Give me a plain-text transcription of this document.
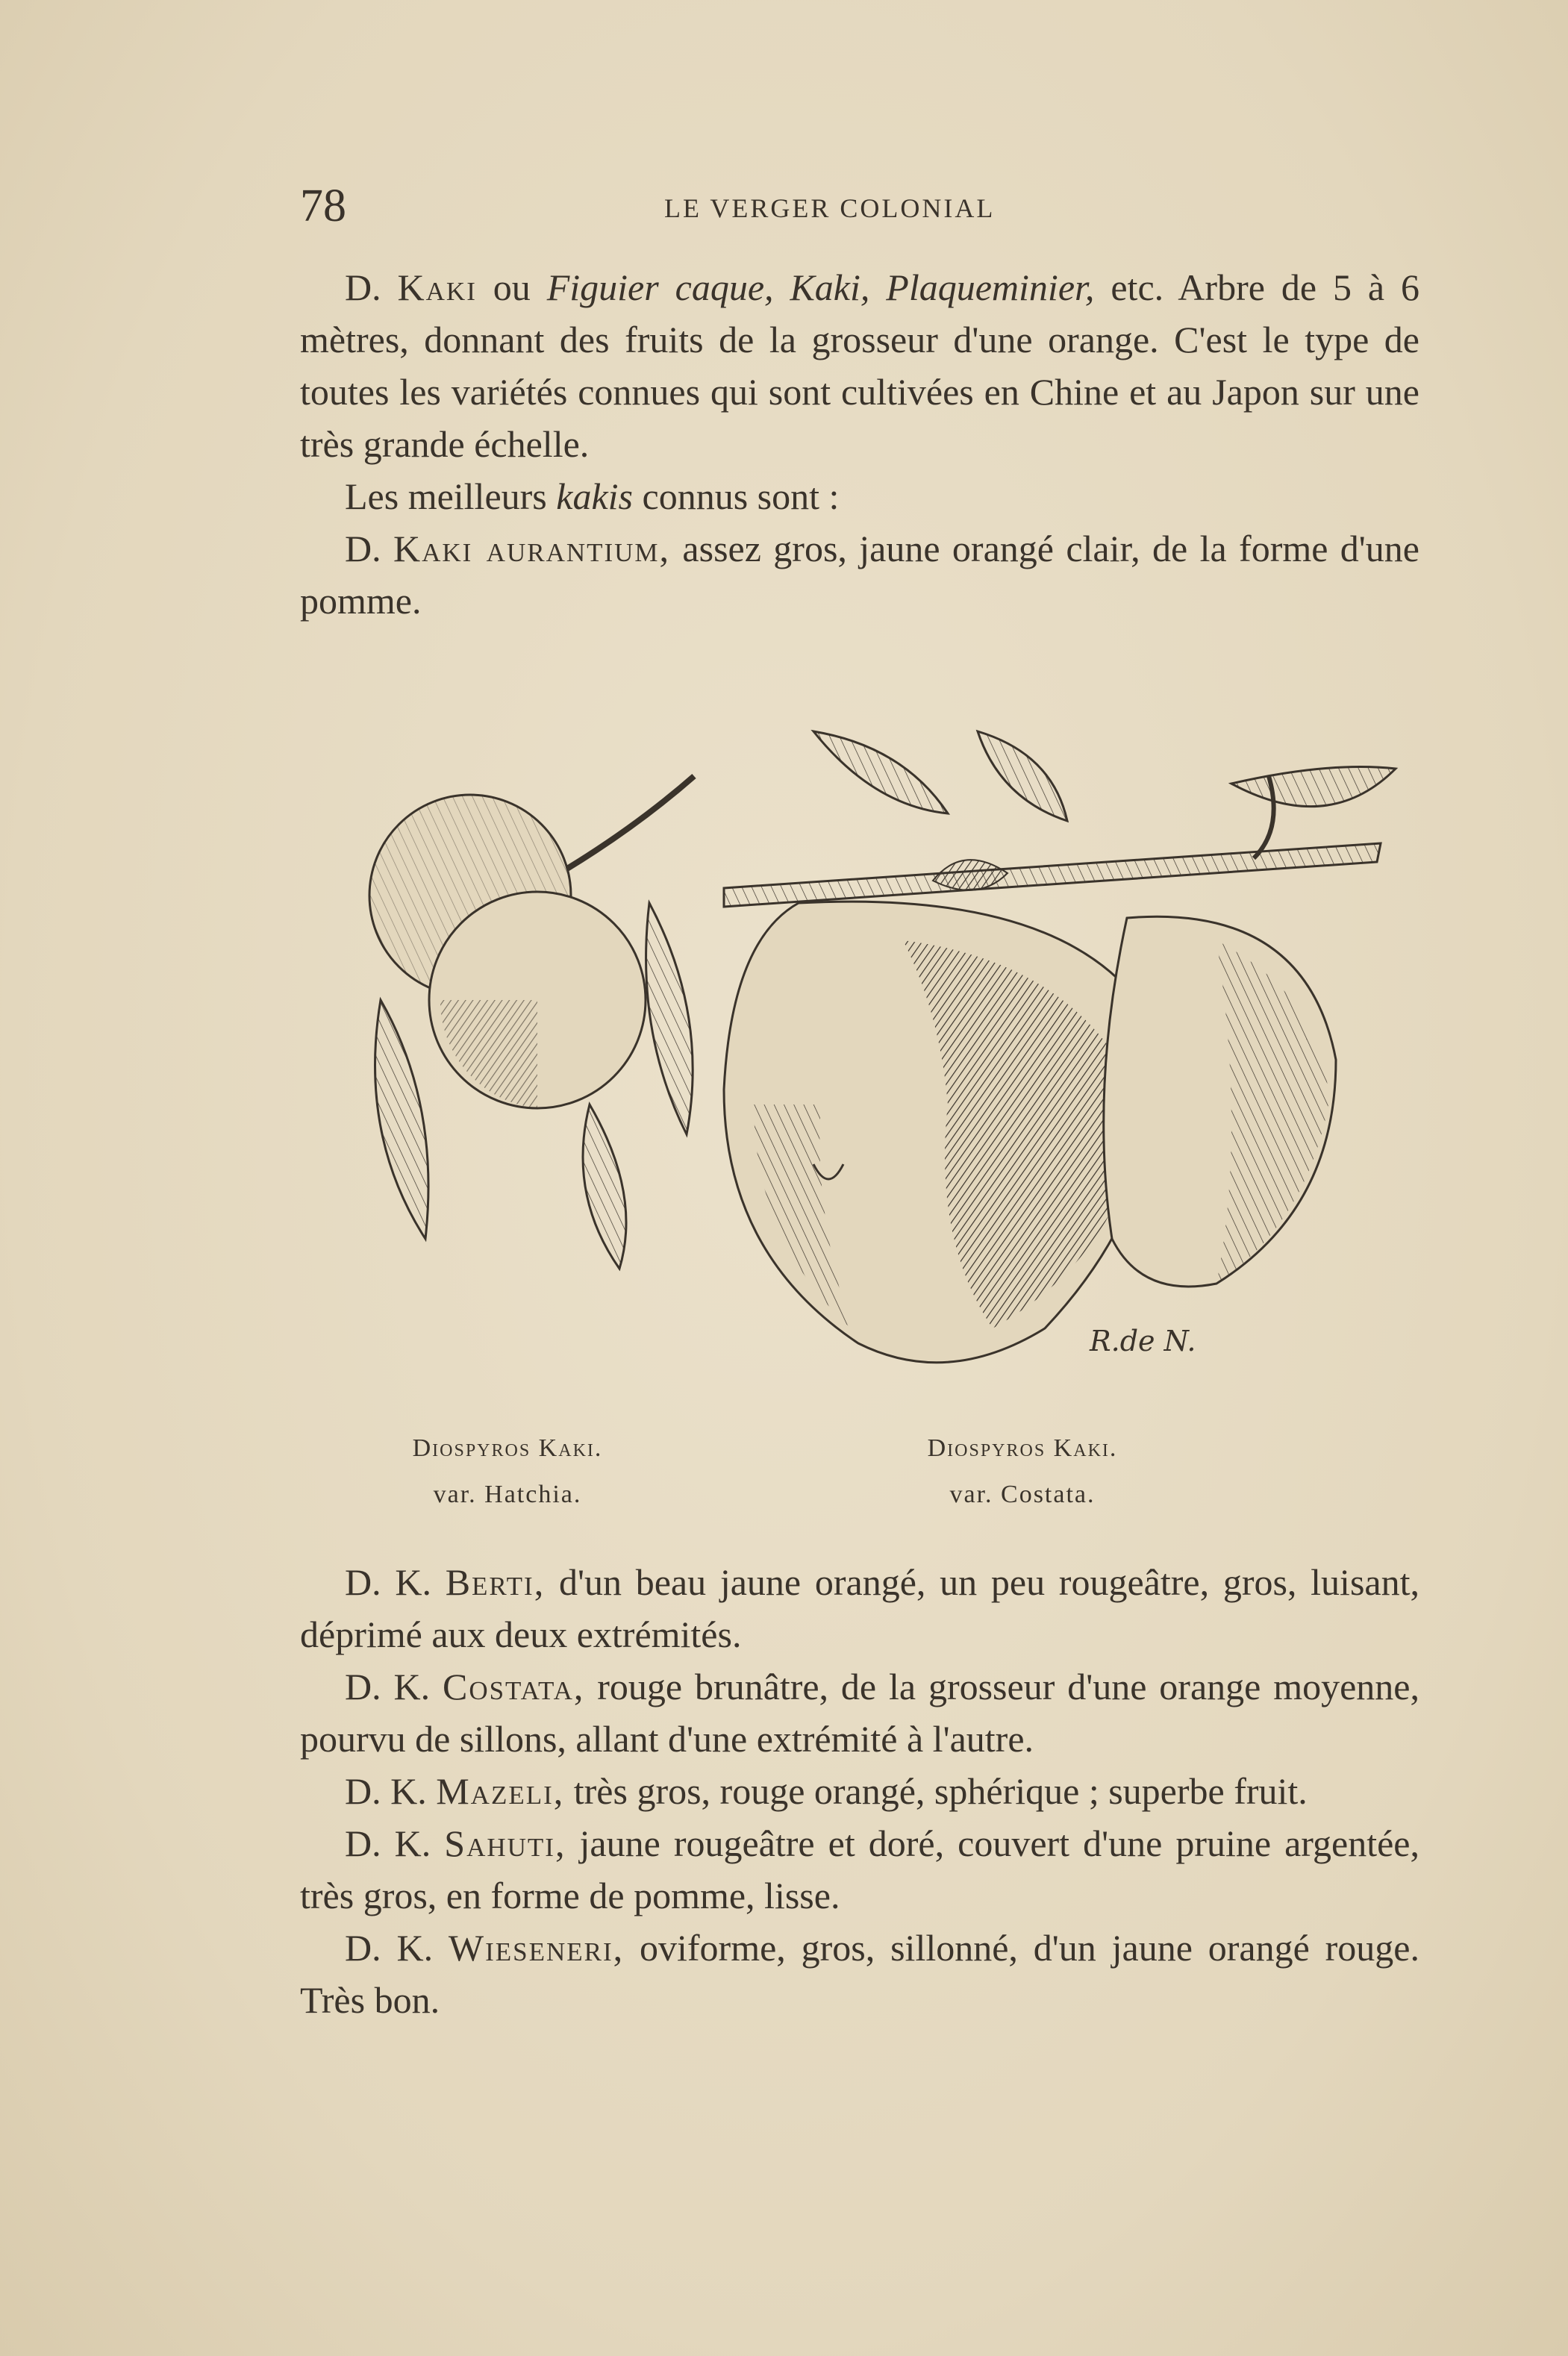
78	LE VERGER COLONIAL

D. Kaki ou Figuier caque, Kaki, Plaqueminier, etc. Arbre de 5 à 6 mètres, donnant des fruits de la grosseur d'une orange. C'est le type de toutes les variétés connues qui sont cultivées en Chine et au Japon sur une très grande échelle.

Les meilleurs kakis connus sont :

D. Kaki aurantium, assez gros, jaune orangé clair, de la forme d'une pomme.

R.de N.
Diospyros Kaki.
var. Hatchia.
Diospyros Kaki.
var. Costata.

D. K. Berti, d'un beau jaune orangé, un peu rougeâtre, gros, luisant, déprimé aux deux extrémités.

D. K. Costata, rouge brunâtre, de la grosseur d'une orange moyenne, pourvu de sillons, allant d'une extrémité à l'autre.

D. K. Mazeli, très gros, rouge orangé, sphérique ; superbe fruit.

D. K. Sahuti, jaune rougeâtre et doré, couvert d'une pruine argentée, très gros, en forme de pomme, lisse.

D. K. Wieseneri, oviforme, gros, sillonné, d'un jaune orangé rouge. Très bon.
